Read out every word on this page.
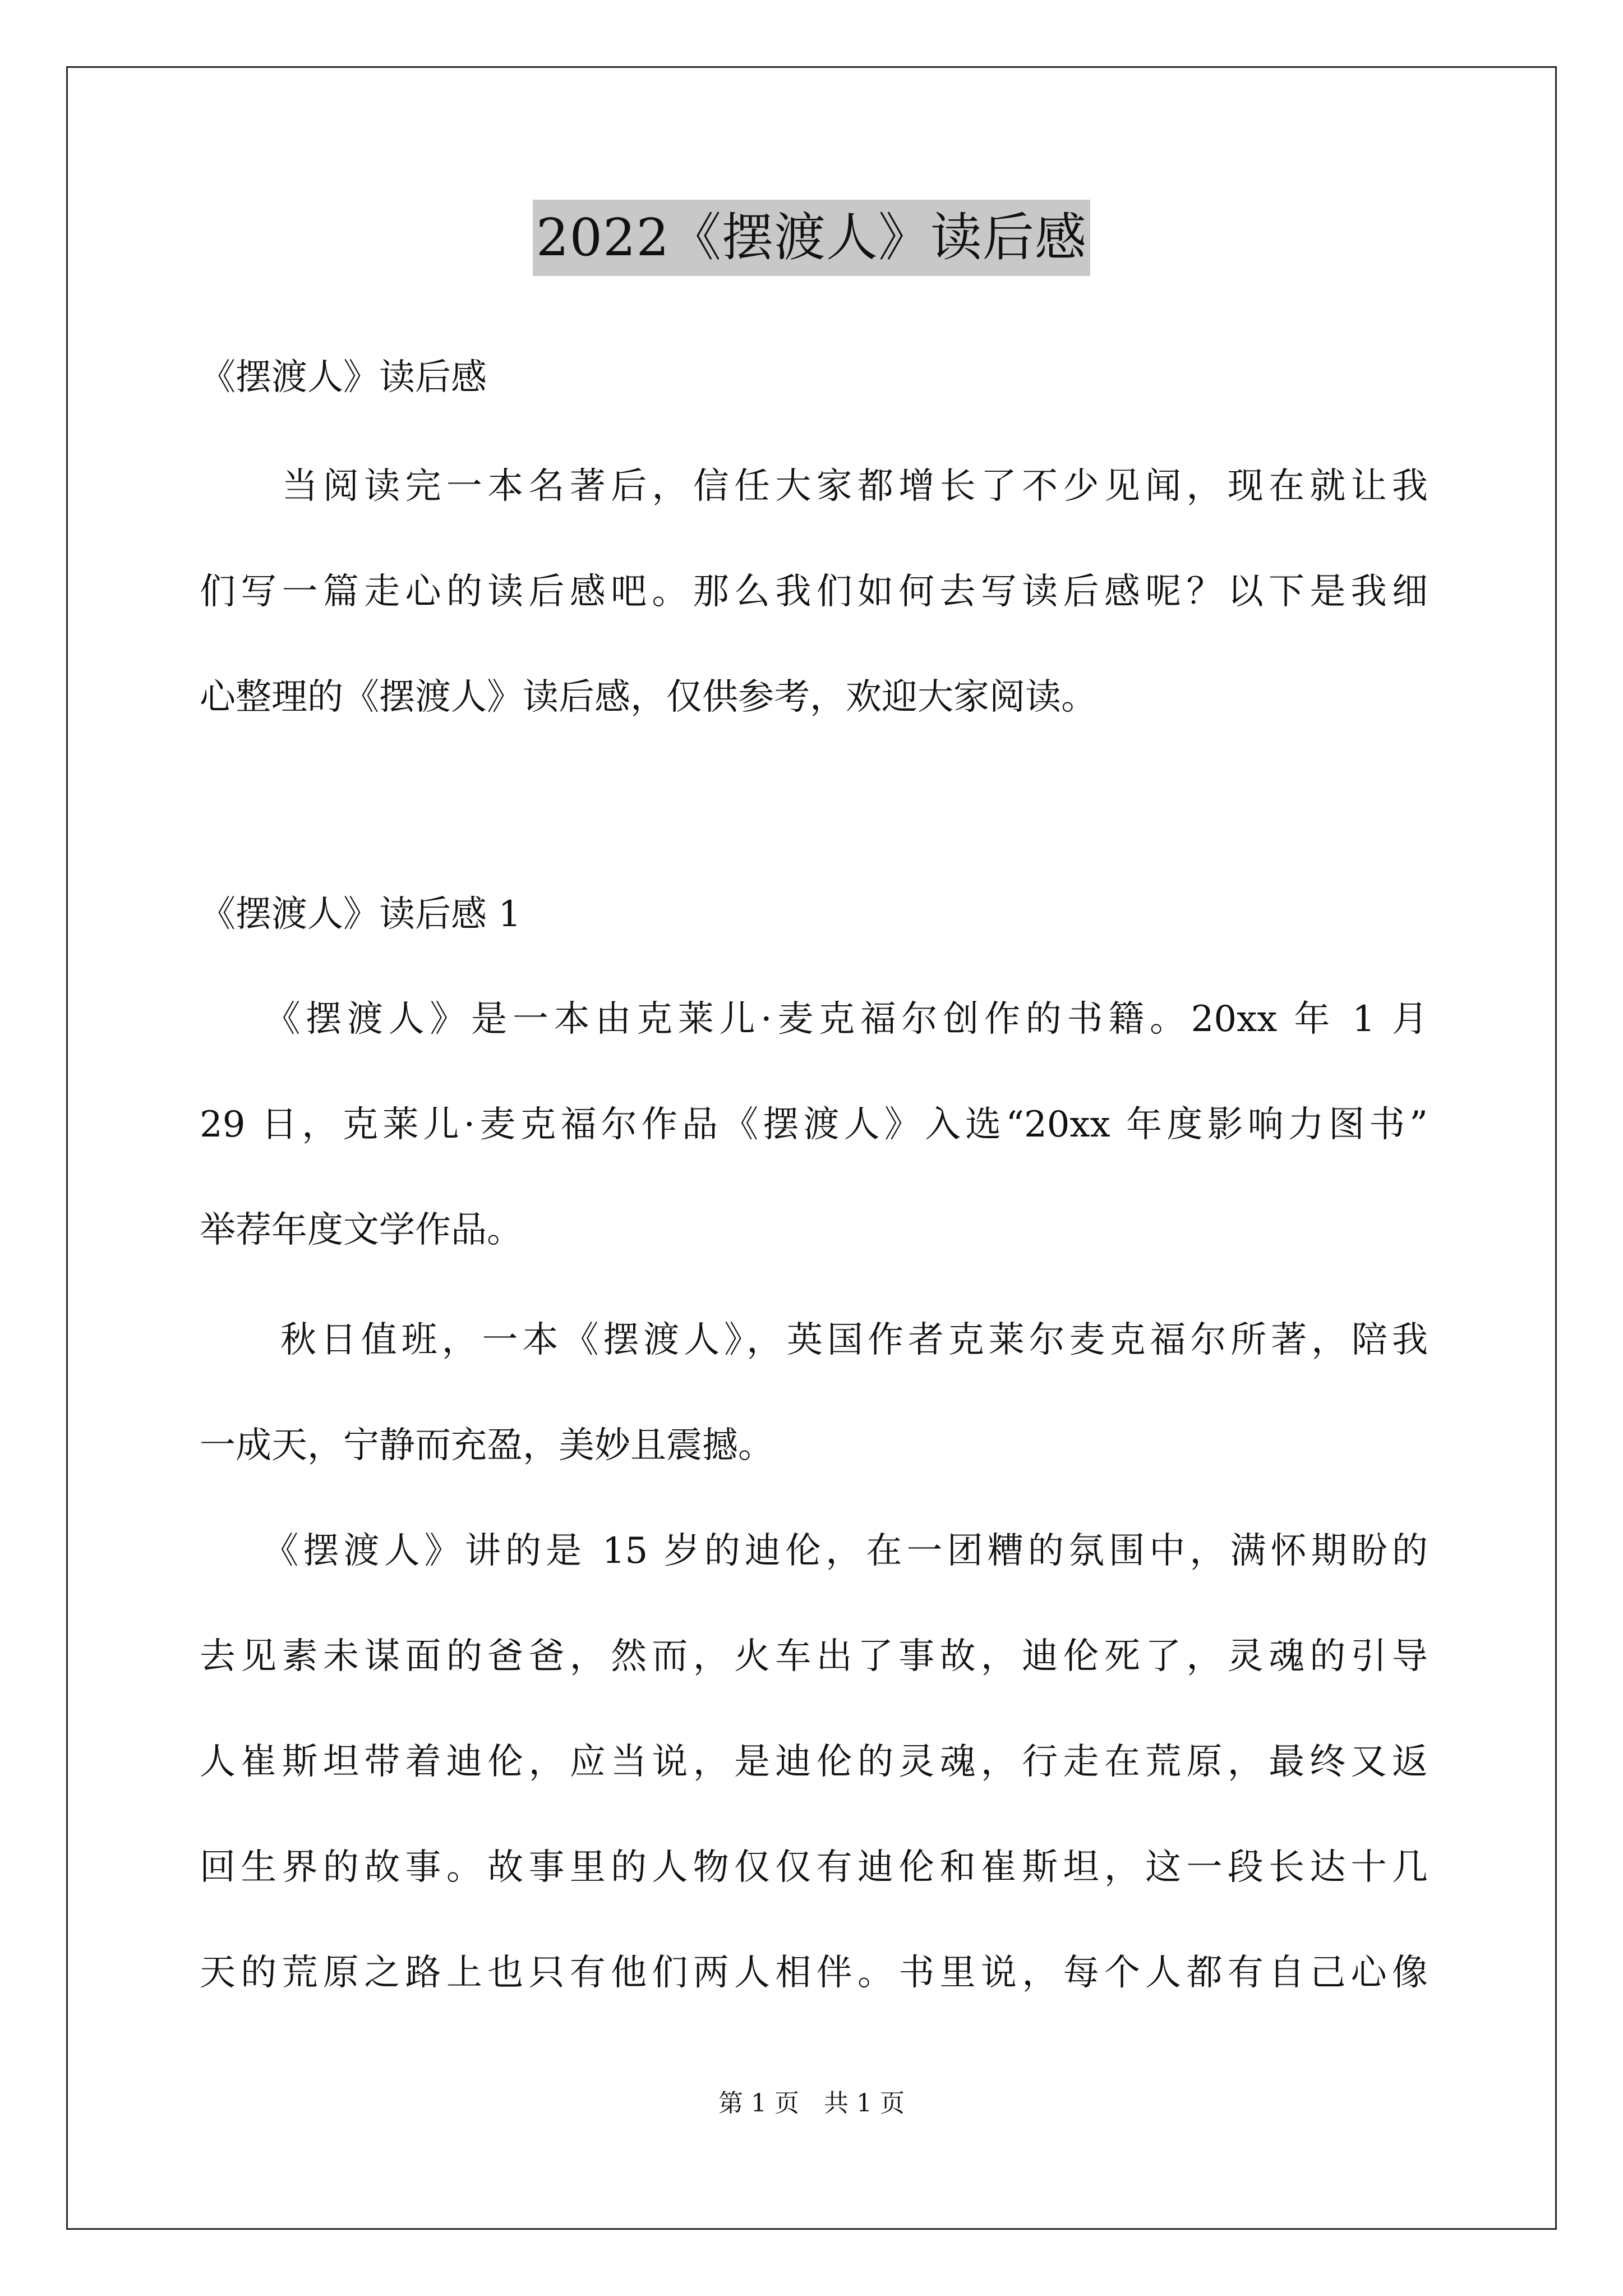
2022《摆渡人》读后感
《摆渡人》读后感
　　当阅读完一本名著后，信任大家都增长了不少见闻，现在就让我
们写一篇走心的读后感吧。那么我们如何去写读后感呢？以下是我细
心整理的《摆渡人》读后感，仅供参考，欢迎大家阅读。
《摆渡人》读后感 1
　　《摆渡人》是一本由克莱儿·麦克福尔创作的书籍。20xx 年 1 月
29 日，克莱儿·麦克福尔作品《摆渡人》入选“20xx 年度影响力图书”
举荐年度文学作品。
　　秋日值班，一本《摆渡人》，英国作者克莱尔麦克福尔所著，陪我
一成天，宁静而充盈，美妙且震撼。
　　《摆渡人》讲的是 15 岁的迪伦，在一团糟的氛围中，满怀期盼的
去见素未谋面的爸爸，然而，火车出了事故，迪伦死了，灵魂的引导
人崔斯坦带着迪伦，应当说，是迪伦的灵魂，行走在荒原，最终又返
回生界的故事。故事里的人物仅仅有迪伦和崔斯坦，这一段长达十几
天的荒原之路上也只有他们两人相伴。书里说，每个人都有自己心像
第 1 页　共 1 页
